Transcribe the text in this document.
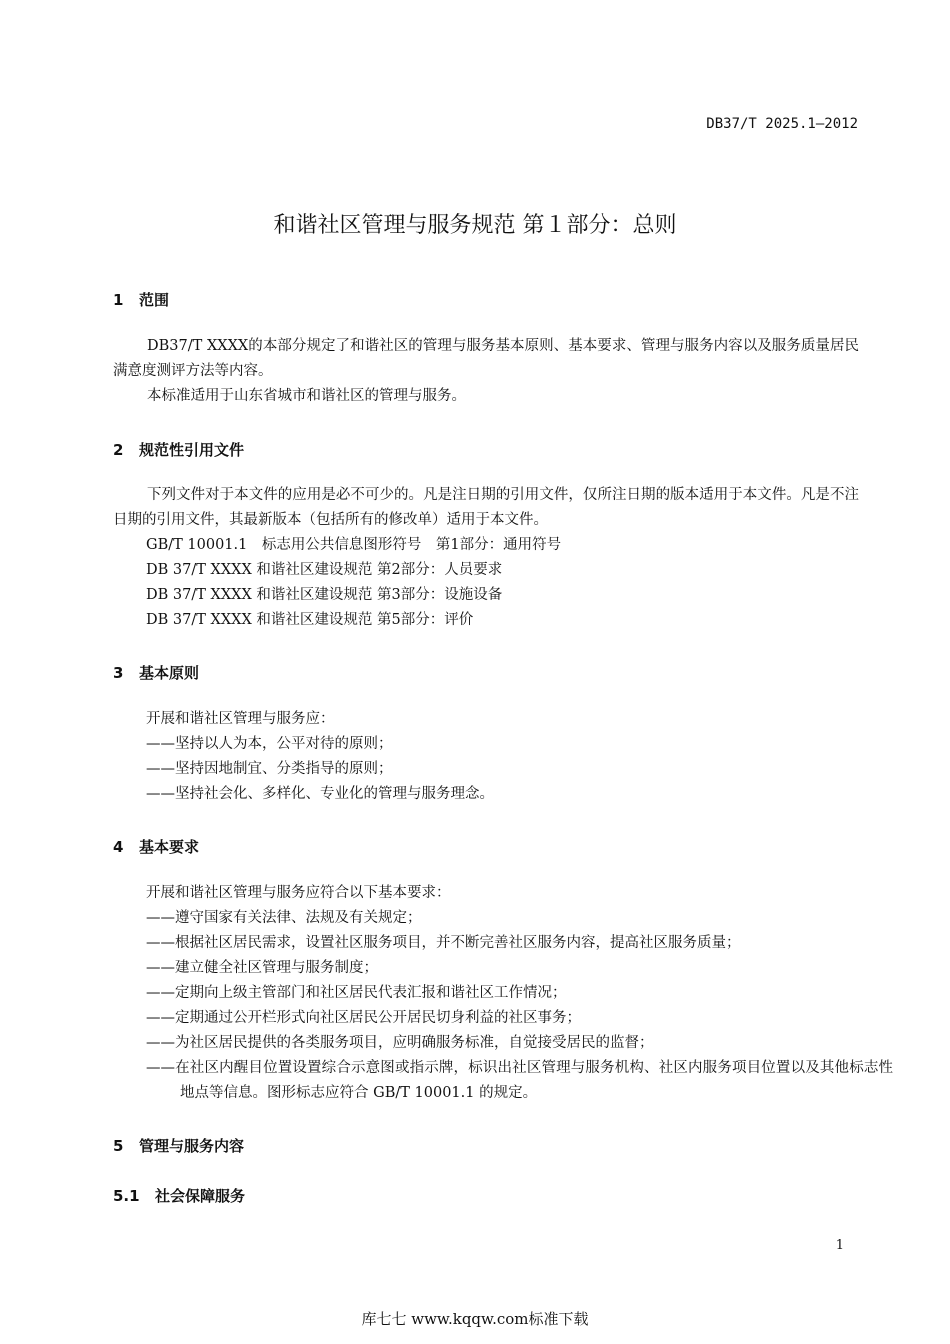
DB37/T 2025.1—2012
和谐社区管理与服务规范 第１部分：总则
1 范围
DB37/T XXXX的本部分规定了和谐社区的管理与服务基本原则、基本要求、管理与服务内容以及服务质量居民满意度测评方法等内容。
本标准适用于山东省城市和谐社区的管理与服务。
2 规范性引用文件
下列文件对于本文件的应用是必不可少的。凡是注日期的引用文件，仅所注日期的版本适用于本文件。凡是不注日期的引用文件，其最新版本（包括所有的修改单）适用于本文件。
GB/T 10001.1　标志用公共信息图形符号　第1部分：通用符号
DB 37/T XXXX 和谐社区建设规范 第2部分：人员要求
DB 37/T XXXX 和谐社区建设规范 第3部分：设施设备
DB 37/T XXXX 和谐社区建设规范 第5部分：评价
3 基本原则
开展和谐社区管理与服务应：
——坚持以人为本，公平对待的原则；
——坚持因地制宜、分类指导的原则；
——坚持社会化、多样化、专业化的管理与服务理念。
4 基本要求
开展和谐社区管理与服务应符合以下基本要求：
——遵守国家有关法律、法规及有关规定；
——根据社区居民需求，设置社区服务项目，并不断完善社区服务内容，提高社区服务质量；
——建立健全社区管理与服务制度；
——定期向上级主管部门和社区居民代表汇报和谐社区工作情况；
——定期通过公开栏形式向社区居民公开居民切身利益的社区事务；
——为社区居民提供的各类服务项目，应明确服务标准，自觉接受居民的监督；
——在社区内醒目位置设置综合示意图或指示牌，标识出社区管理与服务机构、社区内服务项目位置以及其他标志性地点等信息。图形标志应符合 GB/T 10001.1 的规定。
5 管理与服务内容
5.1 社会保障服务
1
库七七 www.kqqw.com标准下载
